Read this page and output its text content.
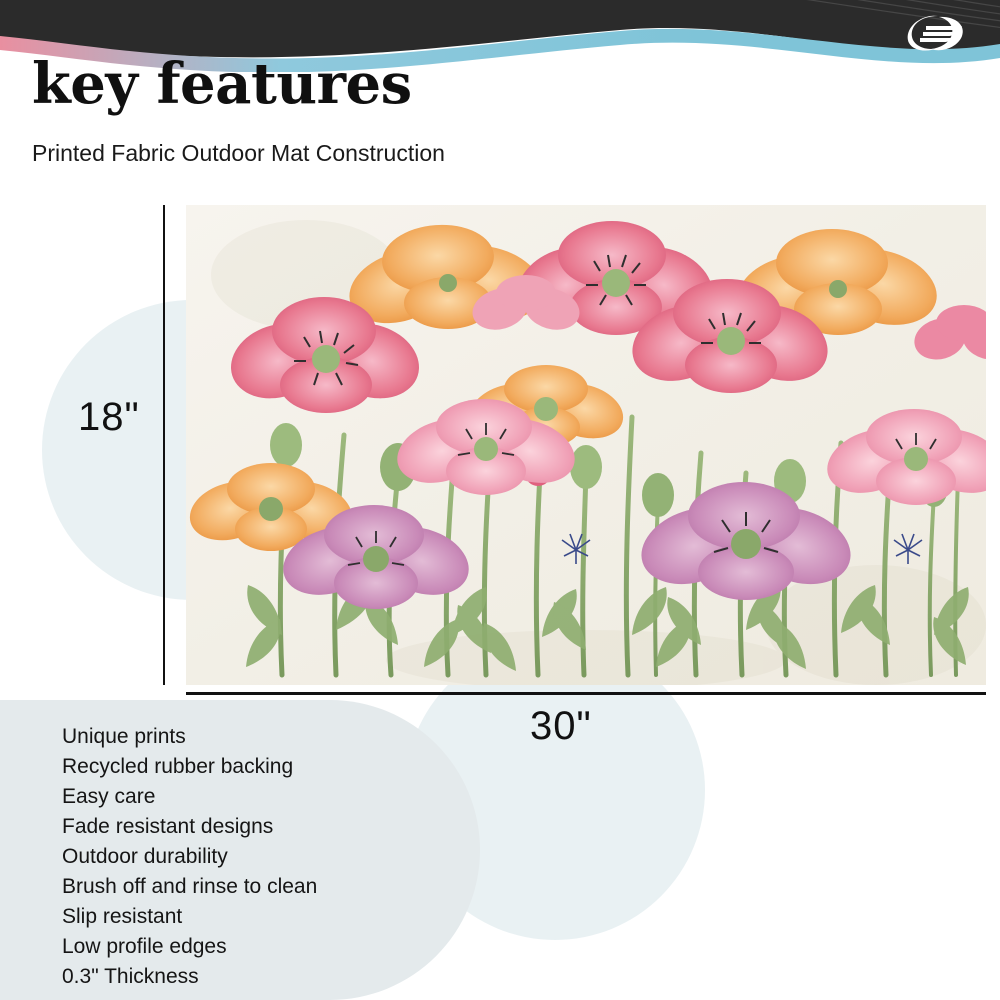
key features
Printed Fabric Outdoor Mat Construction
18"
30"
Unique prints
Recycled rubber backing
Easy care
Fade resistant designs
Outdoor durability
Brush off and rinse to clean
Slip resistant
Low profile edges
0.3" Thickness
